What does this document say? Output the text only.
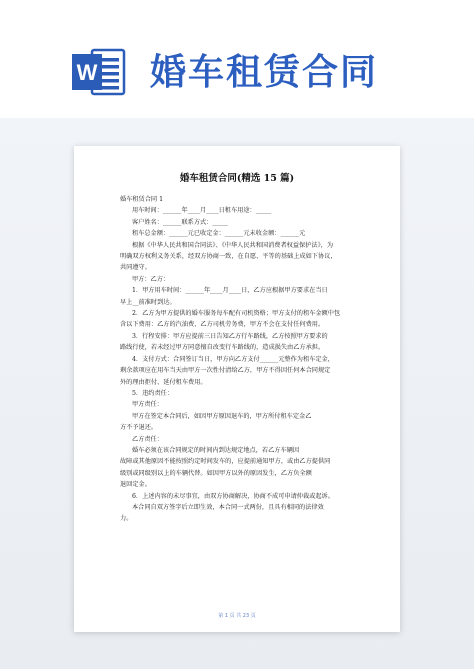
W 婚车租赁合同
婚车租赁合同(精选 15 篇)
婚车租赁合同 1
用车时间：______年____月____日租车用途：_____
客户姓名：______联系方式：_____
租车总金额：______元已收定金：______元未收金额：______元
根据《中华人民共和国合同法》、《中华人民共和国消费者权益保护法》，为
明确双方权利义务关系，经双方协商一致，在自愿、平等的基础上成如下协议，
共同遵守。
甲方：乙方：
1．甲方用车时间：______年____月____日，乙方应根据甲方要求在当日
早上__前准时到达。
2．乙方为甲方提供的婚车服务每车配有司机资格；甲方支付的租车金额中包
含以下费用：乙方的汽油费、乙方司机劳务费，甲方不会在支付任何费用。
3．行程安排：甲方应提前三日告知乙方行车路线，乙方按照甲方要求的
路线行使，若未经过甲方同意擅自改变行车路线的，造成损失由乙方承担。
4．支付方式：合同签订当日，甲方向乙方支付______元整作为租车定金，
剩余款项应在用车当天由甲方一次性付清给乙方，甲方不得因任何本合同规定
外的理由拒付、延付租车费用。
5．违约责任：
甲方责任：
甲方在签定本合同后，如因甲方原因退车的，甲方所付租车定金乙
方不予退还。
乙方责任：
婚车必须在该合同规定的时间内到达规定地点，若乙方车辆因
故障或其他原因不能按照约定时间发车的，应提前通知甲方，或由乙方提供同
级别或同级别以上的车辆代替。如因甲方以外的原因发生，乙方负全额
退回定金。
6．上述内容的未尽事宜，由双方协商解决，协商不成可申请仲裁或起诉。
本合同自双方签字后立即生效，本合同一式两份，且具有相同的法律效
力。
第 1 页 共 23 页
